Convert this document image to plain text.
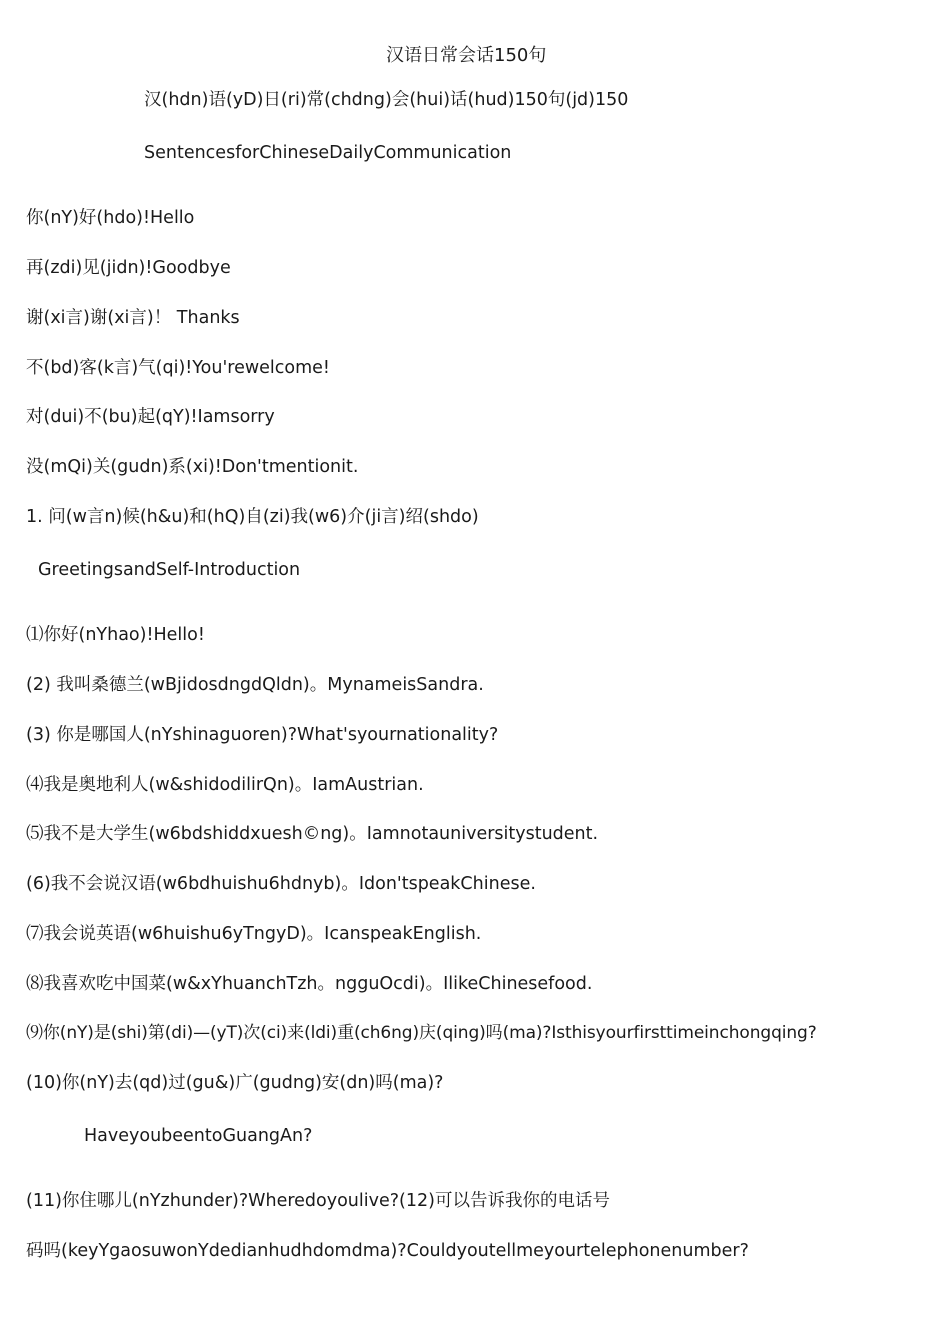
汉语日常会话150句

汉(hdn)语(yD)日(ri)常(chdng)会(hui)话(hud)150句(jd)150

SentencesforChineseDailyCommunication

你(nY)好(hdo)!Hello

再(zdi)见(jidn)!Goodbye

谢(xi言)谢(xi言)！ Thanks

不(bd)客(k言)气(qi)!You'rewelcome!

对(dui)不(bu)起(qY)!Iamsorry

没(mQi)关(gudn)系(xi)!Don'tmentionit.

1. 问(w言n)候(h&u)和(hQ)自(zi)我(w6)介(ji言)绍(shdo)

GreetingsandSelf-Introduction

⑴你好(nYhao)!Hello!

(2) 我叫桑德兰(wBjidosdngdQldn)。MynameisSandra.

(3) 你是哪国人(nYshinaguoren)?What'syournationality?

⑷我是奥地利人(w&shidodilirQn)。IamAustrian.

⑸我不是大学生(w6bdshiddxuesh©ng)。Iamnotauniversitystudent.

(6)我不会说汉语(w6bdhuishu6hdnyb)。Idon'tspeakChinese.

⑺我会说英语(w6huishu6yTngyD)。IcanspeakEnglish.

⑻我喜欢吃中国菜(w&xYhuanchTzh。ngguOcdi)。IlikeChinesefood.

⑼你(nY)是(shi)第(di)—(yT)次(ci)来(ldi)重(ch6ng)庆(qing)吗(ma)?Isthisyourfirsttimeinchongqing?

(10)你(nY)去(qd)过(gu&)广(gudng)安(dn)吗(ma)?

HaveyoubeentoGuangAn?

(11)你住哪儿(nYzhunder)?Wheredoyoulive?(12)可以告诉我你的电话号

码吗(keyYgaosuwonYdedianhudhdomdma)?Couldyoutellmeyourtelephonenumber?
